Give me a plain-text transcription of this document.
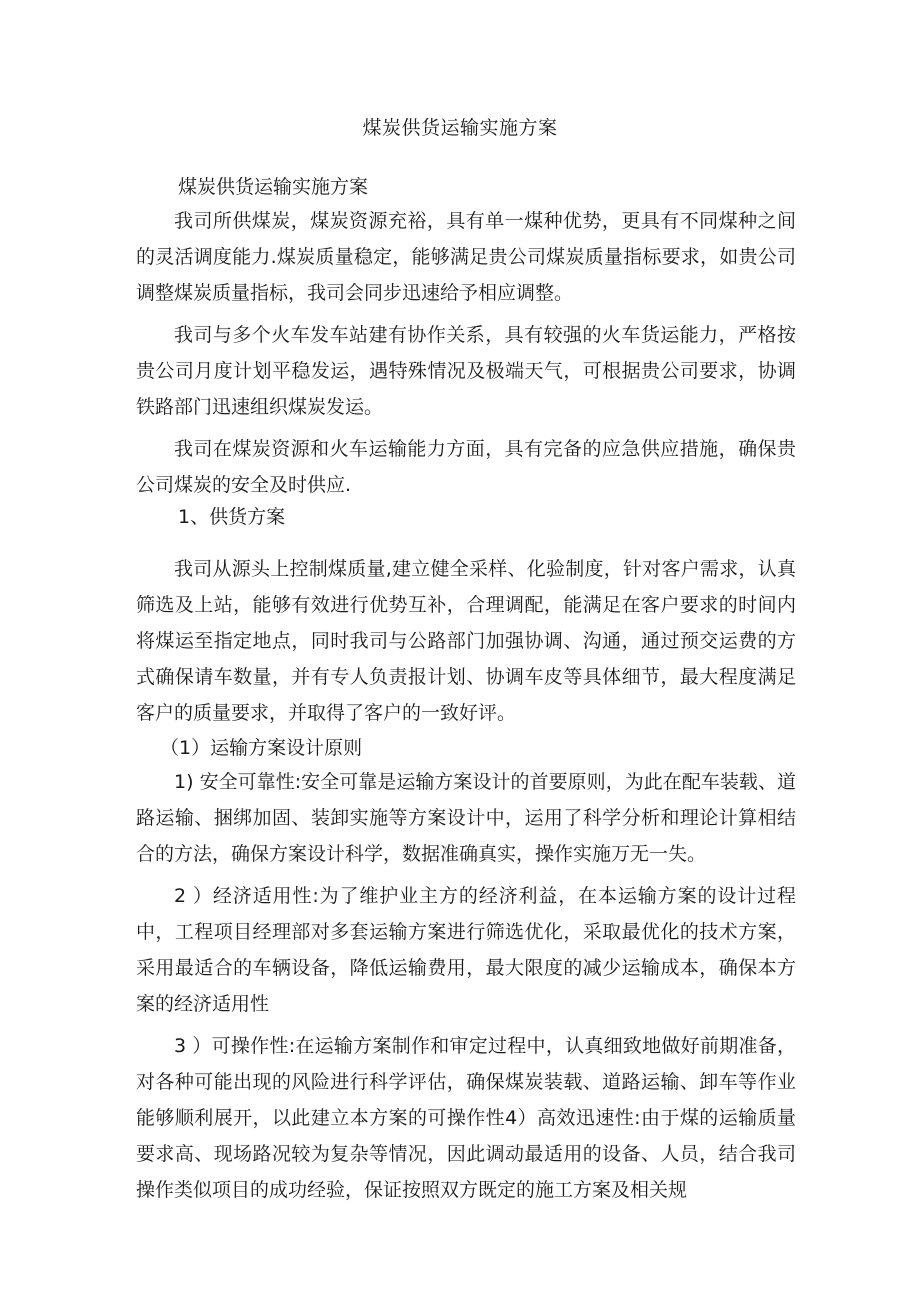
煤炭供货运输实施方案
煤炭供货运输实施方案

我司所供煤炭，煤炭资源充裕，具有单一煤种优势，更具有不同煤种之间的灵活调度能力.煤炭质量稳定，能够满足贵公司煤炭质量指标要求，如贵公司调整煤炭质量指标，我司会同步迅速给予相应调整。

我司与多个火车发车站建有协作关系，具有较强的火车货运能力，严格按贵公司月度计划平稳发运，遇特殊情况及极端天气，可根据贵公司要求，协调铁路部门迅速组织煤炭发运。

我司在煤炭资源和火车运输能力方面，具有完备的应急供应措施，确保贵公司煤炭的安全及时供应.

1、供货方案

我司从源头上控制煤质量,建立健全采样、化验制度，针对客户需求，认真筛选及上站，能够有效进行优势互补，合理调配，能满足在客户要求的时间内将煤运至指定地点，同时我司与公路部门加强协调、沟通，通过预交运费的方式确保请车数量，并有专人负责报计划、协调车皮等具体细节，最大程度满足客户的质量要求，并取得了客户的一致好评。

（1）运输方案设计原则

1) 安全可靠性:安全可靠是运输方案设计的首要原则，为此在配车装载、道路运输、捆绑加固、装卸实施等方案设计中，运用了科学分析和理论计算相结合的方法，确保方案设计科学，数据准确真实，操作实施万无一失。

2 ）经济适用性:为了维护业主方的经济利益，在本运输方案的设计过程中，工程项目经理部对多套运输方案进行筛选优化，采取最优化的技术方案，采用最适合的车辆设备，降低运输费用，最大限度的减少运输成本，确保本方案的经济适用性

3 ）可操作性:在运输方案制作和审定过程中，认真细致地做好前期准备，对各种可能出现的风险进行科学评估，确保煤炭装载、道路运输、卸车等作业能够顺利展开，以此建立本方案的可操作性4）高效迅速性:由于煤的运输质量要求高、现场路况较为复杂等情况，因此调动最适用的设备、人员，结合我司操作类似项目的成功经验，保证按照双方既定的施工方案及相关规
